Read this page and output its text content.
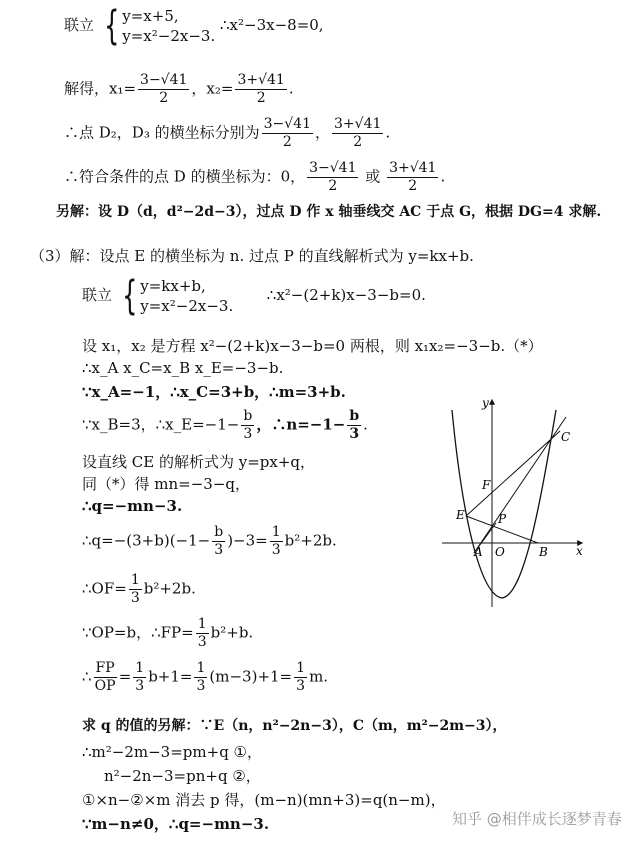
联立 { y=x+5,
y=x²−2x−3.
∴x²−3x−8=0,
解得，$x_1= \frac{3-√41}{2}$ ，$x_2= \frac{3+√41}{2}$ .
∴点 D₂，D₃ 的横坐标分别为 $\frac{3-√41}{2}$ ， $\frac{3+√41}{2}$ .
∴符合条件的点 D 的横坐标为：0， $\frac{3-√41}{2}$ 或 $\frac{3+√41}{2}$ .
另解：设 D（d，d²−2d−3），过点 D 作 x 轴垂线交 AC 于点 G，根据 DG=4 求解.
（3）解：设点 E 的横坐标为 n. 过点 P 的直线解析式为 y=kx+b.
联立 { y=kx+b,
y=x²−2x−3.
∴x²−(2+k)x−3−b=0.
设 x₁，x₂ 是方程 x²−(2+k)x−3−b=0 两根，则 x₁x₂=−3−b.（*）
∴x_A x_C=x_B x_E=−3−b.
∵x_A=−1，∴x_C=3+b，∴m=3+b.
∵x_B=3，∴x_E=−1− $\frac{b}{3}$ ，∴n=−1− $\frac{b}{3}$ .
设直线 CE 的解析式为 y=px+q，
同（*）得 mn=−3−q，
∴q=−mn−3.
∴q=−(3+b)(−1− $\frac{b}{3} )-3= \frac{1}{3} b^2+2b$.
∴OF= $\frac{1}{3} b^2+2b$.
∵OP=b，∴FP= $\frac{1}{3} b^2+b$.
∴ $\frac{FP}{OP} = \frac{1}{3} b+1= \frac{1}{3} (m-3)+1= \frac{1}{3} m$.
求 q 的值的另解：∵E（n，n²−2n−3），C（m，m²−2m−3），
∴m²−2m−3=pm+q ①，
n²−2n−3=pn+q ②，
①×n−②×m 消去 p 得，(m−n)(mn+3)=q(n−m)，
∵m−n≠0，∴q=−mn−3.
y
x
C
F
E	P
A O	B
知乎 @相伴成长逐梦青春
